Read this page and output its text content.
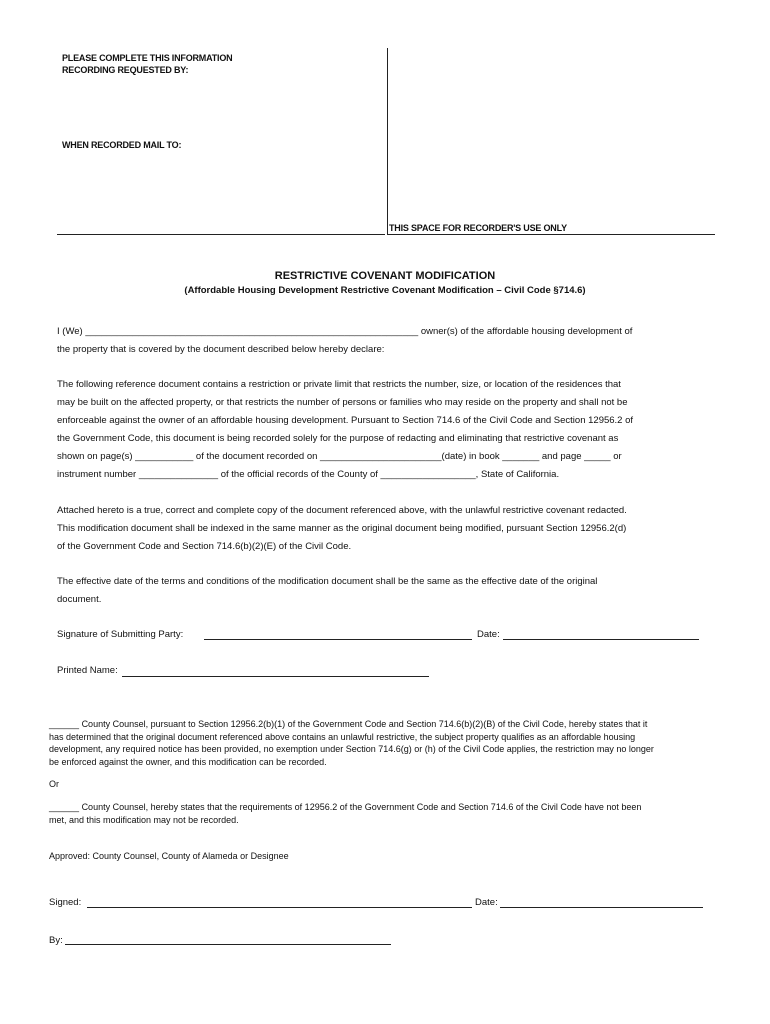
PLEASE COMPLETE THIS INFORMATION
RECORDING REQUESTED BY:
WHEN RECORDED MAIL TO:
THIS SPACE FOR RECORDER'S USE ONLY
RESTRICTIVE COVENANT MODIFICATION
(Affordable Housing Development Restrictive Covenant Modification – Civil Code §714.6)
I (We) _______________________________________________________________ owner(s) of the affordable housing development of
the property that is covered by the document described below hereby declare:
The following reference document contains a restriction or private limit that restricts the number, size, or location of the residences that
may be built on the affected property, or that restricts the number of persons or families who may reside on the property and shall not be
enforceable against the owner of an affordable housing development. Pursuant to Section 714.6 of the Civil Code and Section 12956.2 of
the Government Code, this document is being recorded solely for the purpose of redacting and eliminating that restrictive covenant as
shown on page(s) ___________ of the document recorded on _______________________(date) in book _______ and page _____ or
instrument number _______________ of the official records of the County of __________________, State of California.
Attached hereto is a true, correct and complete copy of the document referenced above, with the unlawful restrictive covenant redacted.
This modification document shall be indexed in the same manner as the original document being modified, pursuant Section 12956.2(d)
of the Government Code and Section 714.6(b)(2)(E) of the Civil Code.
The effective date of the terms and conditions of the modification document shall be the same as the effective date of the original
document.
Signature of Submitting Party:	Date:
Printed Name:
______ County Counsel, pursuant to Section 12956.2(b)(1) of the Government Code and Section 714.6(b)(2)(B) of the Civil Code, hereby states that it
has determined that the original document referenced above contains an unlawful restrictive, the subject property qualifies as an affordable housing
development, any required notice has been provided, no exemption under Section 714.6(g) or (h) of the Civil Code applies, the restriction may no longer
be enforced against the owner, and this modification can be recorded.
Or
______ County Counsel, hereby states that the requirements of 12956.2 of the Government Code and Section 714.6 of the Civil Code have not been
met, and this modification may not be recorded.
Approved: County Counsel, County of Alameda or Designee
Signed:	Date:
By:
